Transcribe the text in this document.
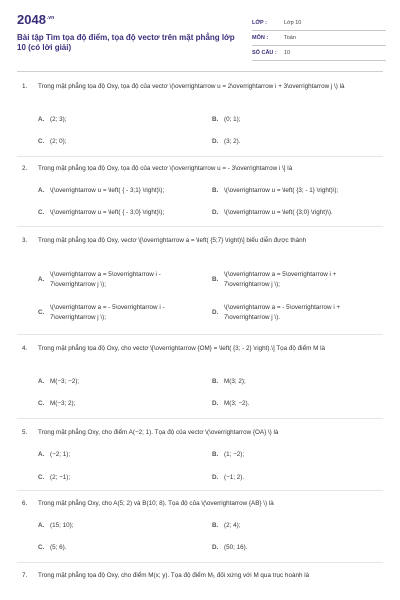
$2048^{.vn}$
Bài tập Tìm tọa độ điểm, tọa độ vectơ trên mặt phẳng lớp 10 (có lời giải)
LỚP :	Lớp 10
MÔN :	Toán
SỐ CÂU :	10
1. Trong mặt phẳng tọa độ Oxy, tọa độ của vectơ \(\overrightarrow u = 2\overrightarrow i + 3\overrightarrow j \) là
A. (2; 3);	B. (0; 1);
C. (2; 0);	D. (3; 2).
2. Trong mặt phẳng tọa độ Oxy, tọa độ của vectơ \(\overrightarrow u = - 3\overrightarrow i \] là
A. \(\overrightarrow u = \left( { - 3;1} \right)\);	B. \(\overrightarrow u = \left( {3; - 1} \right)\);
C. \(\overrightarrow u = \left( { - 3;0} \right)\);	D. \(\overrightarrow u = \left( {3;0} \right)\).
3. Trong mặt phẳng tọa độ Oxy, vectơ \[\overrightarrow a = \left( {5;7} \right)\] biểu diễn được thành
A.
\(\overrightarrow a = 5\overrightarrow i - 7\overrightarrow j \);
B.
\(\overrightarrow a = 5\overrightarrow i + 7\overrightarrow j \);
C.
\(\overrightarrow a = - 5\overrightarrow i - 7\overrightarrow j \);
D.
\(\overrightarrow a = - 5\overrightarrow i + 7\overrightarrow j \).
4. Trong mặt phẳng tọa độ Oxy, cho vectơ \[\overrightarrow {OM} = \left( {3; - 2} \right).\] Tọa độ điểm M là
A. M(−3; −2);	B. M(3; 2);
C. M(−3; 2);	D. M(3; −2).
5. Trong mặt phẳng Oxy, cho điểm A(−2; 1). Tọa độ của vectơ \(\overrightarrow {OA} \) là
A. (−2; 1);	B. (1; −2);
C. (2; −1);	D. (−1; 2).
6. Trong mặt phẳng Oxy, cho A(5; 2) và B(10; 8). Tọa độ của \(\overrightarrow {AB} \) là
A. (15; 10);	B. (2; 4);
C. (5; 6).	D. (50; 16).
7. Trong mặt phẳng tọa độ Oxy, cho điểm M(x; y). Tọa độ điểm M₁ đối xứng với M qua trục hoành là
